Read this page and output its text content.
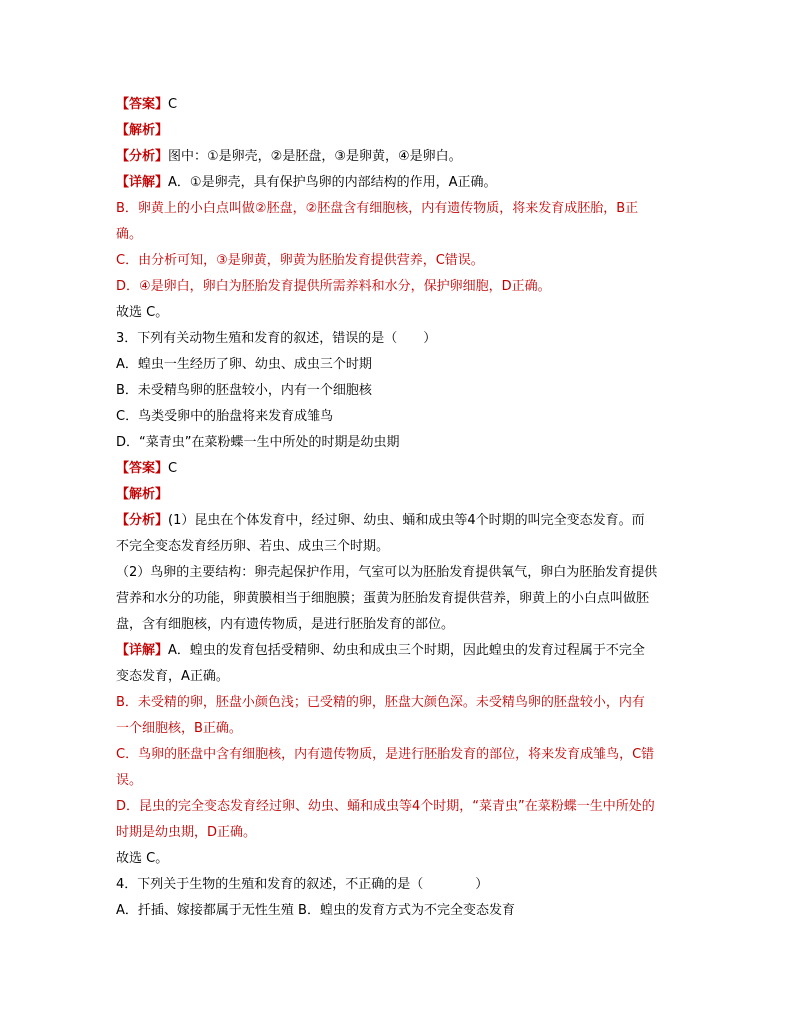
【答案】C
【解析】
【分析】图中：①是卵壳，②是胚盘，③是卵黄，④是卵白。
【详解】A．①是卵壳，具有保护鸟卵的内部结构的作用，A正确。
B．卵黄上的小白点叫做②胚盘，②胚盘含有细胞核，内有遗传物质，将来发育成胚胎，B正
确。
C．由分析可知，③是卵黄，卵黄为胚胎发育提供营养，C错误。
D．④是卵白，卵白为胚胎发育提供所需养料和水分，保护卵细胞，D正确。
故选 C。
3．下列有关动物生殖和发育的叙述，错误的是（　　）
A．蝗虫一生经历了卵、幼虫、成虫三个时期
B．未受精鸟卵的胚盘较小，内有一个细胞核
C．鸟类受卵中的胎盘将来发育成雏鸟
D．“菜青虫”在菜粉蝶一生中所处的时期是幼虫期
【答案】C
【解析】
【分析】(1）昆虫在个体发育中，经过卵、幼虫、蛹和成虫等4个时期的叫完全变态发育。而
不完全变态发育经历卵、若虫、成虫三个时期。
（2）鸟卵的主要结构：卵壳起保护作用，气室可以为胚胎发育提供氧气，卵白为胚胎发育提供
营养和水分的功能，卵黄膜相当于细胞膜；蛋黄为胚胎发育提供营养，卵黄上的小白点叫做胚
盘，含有细胞核，内有遗传物质，是进行胚胎发育的部位。
【详解】A．蝗虫的发育包括受精卵、幼虫和成虫三个时期，因此蝗虫的发育过程属于不完全
变态发育，A正确。
B．未受精的卵，胚盘小颜色浅；已受精的卵，胚盘大颜色深。未受精鸟卵的胚盘较小，内有
一个细胞核，B正确。
C．鸟卵的胚盘中含有细胞核，内有遗传物质，是进行胚胎发育的部位，将来发育成雏鸟，C错
误。
D．昆虫的完全变态发育经过卵、幼虫、蛹和成虫等4个时期，“菜青虫”在菜粉蝶一生中所处的
时期是幼虫期，D正确。
故选 C。
4．下列关于生物的生殖和发育的叙述，不正确的是（　　　　）
A．扦插、嫁接都属于无性生殖 B．蝗虫的发育方式为不完全变态发育
